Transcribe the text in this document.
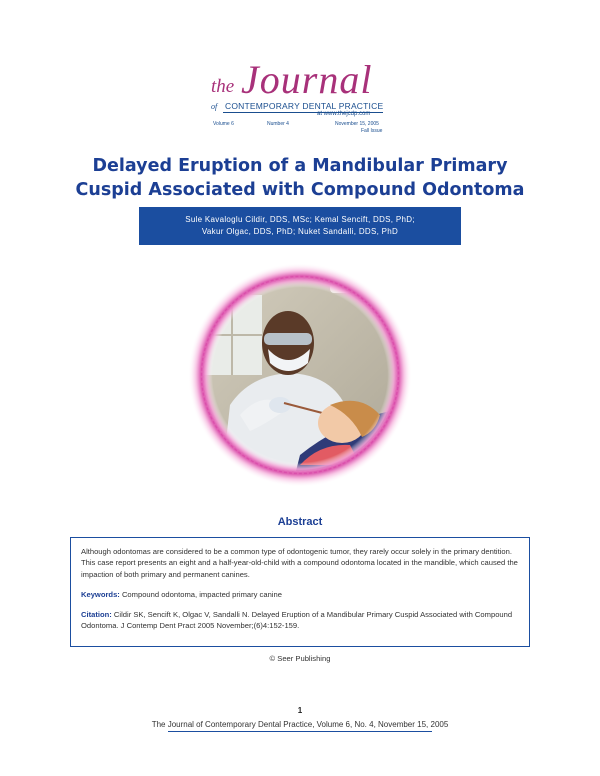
the Journal
of CONTEMPORARY DENTAL PRACTICE
at www.thejcdp.com
Volume 6	Number 4	November 15, 2005
Fall Issue
Delayed Eruption of a Mandibular Primary
Cuspid Associated with Compound Odontoma
Sule Kavaloglu Cildir, DDS, MSc; Kemal Sencift, DDS, PhD;
Vakur Olgac, DDS, PhD; Nuket Sandalli, DDS, PhD
Abstract

Although odontomas are considered to be a common type of odontogenic tumor, they rarely occur solely in the primary dentition. This case report presents an eight and a half-year-old-child with a compound odontoma located in the mandible, which caused the impaction of both primary and permanent canines.

Keywords: Compound odontoma, impacted primary canine

Citation: Cildir SK, Sencift K, Olgac V, Sandalli N. Delayed Eruption of a Mandibular Primary Cuspid Associated with Compound Odontoma. J Contemp Dent Pract 2005 November;(6)4:152-159.

© Seer Publishing
1
The Journal of Contemporary Dental Practice, Volume 6, No. 4, November 15, 2005
